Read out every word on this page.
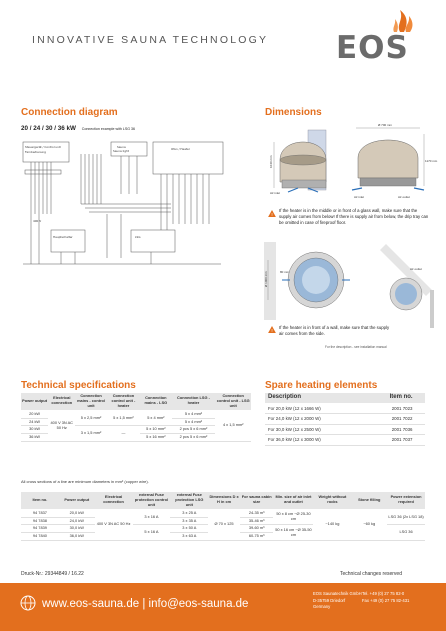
INNOVATIVE SAUNA TECHNOLOGY EOS
Connection diagram
20 / 24 / 30 / 36 kW Connection example with LSG 36
Steuergerät / Control unit
Fernbedienung
Sauna
Sauna light	Ofen / Heater
LSG
400 V
Hauptschalter
Dimensions
1040 mm
Air inlet
Ø 700 mm
1170 mm
Air inlet	Air outlet
!
If the heater is in the middle or in front of a glass wall, make sure that the supply air comes from below! If there is supply air from below, the drip tray can be omitted in case of fireproof floor.
Ø 1000 mm	80 mm
Air outlet
!
If the heater is in front of a wall, make sure that the supply air comes from the side.
For the description - see installation manual
Technical specifications
Power output	Electrical connection	Connection mains - control unit	Connection control unit - heater	Connection mains - LSG	Connection LSG - heater	Connection control unit - LSG unit
20 kW	400 V 3N AC 50 Hz	5 x 2,5 mm²	5 x 1,5 mm²	5 x 4 mm²	5 x 4 mm²	4 x 1,5 mm²
24 kW					5 x 4 mm²	
30 kW		3 x 1,5 mm²	—	5 x 10 mm²	2 pcs 5 x 6 mm²	
36 kW				5 x 16 mm²	2 pcs 5 x 6 mm²	
All cross sections of a line are minimum diameters in mm² (copper wire).
Spare heating elements
Description	Item no.
For 20,0 kW (12 x 1666 W)	2001 7023
For 24,0 kW (12 x 2000 W)	2001 7022
For 30,0 kW (12 x 2500 W)	2001 7036
For 36,0 kW (12 x 3000 W)	2001 7037
Item no.	Power output	Electrical connection	external Fuse protection control unit	external Fuse protection LSG unit	Dimensions D x H in cm	For sauna cabin size	Min. size of air inlet and outlet	Weight without rocks	Stone filling	Power extension required
94 7837	20,0 kW	400 V 3N AC 50 Hz	3 x 16 A	3 x 25 A	Ø 70 x 125	24-35 m³	50 x 8 cm ~Ø 25-30 cm	~140 kg	~60 kg	LSG 36 (2x LSG 18)
94 7838	24,0 kW			3 x 35 A		35-46 m³				
94 7839	30,0 kW		5 x 16 A	3 x 50 A		39-60 m³	50 x 16 cm ~Ø 35-50 cm			LSG 36
94 7840	36,0 kW			3 x 63 A		60-75 m³				
Druck-Nr.: 29344849 / 16.22	Technical changes reserved
www.eos-sauna.de | info@eos-sauna.de
EOS Saunatechnik GmbH
D-35759 Driedorf
Germany
Tel. +49 (0) 27 75 82-0
Fax +49 (0) 27 75 82-431
